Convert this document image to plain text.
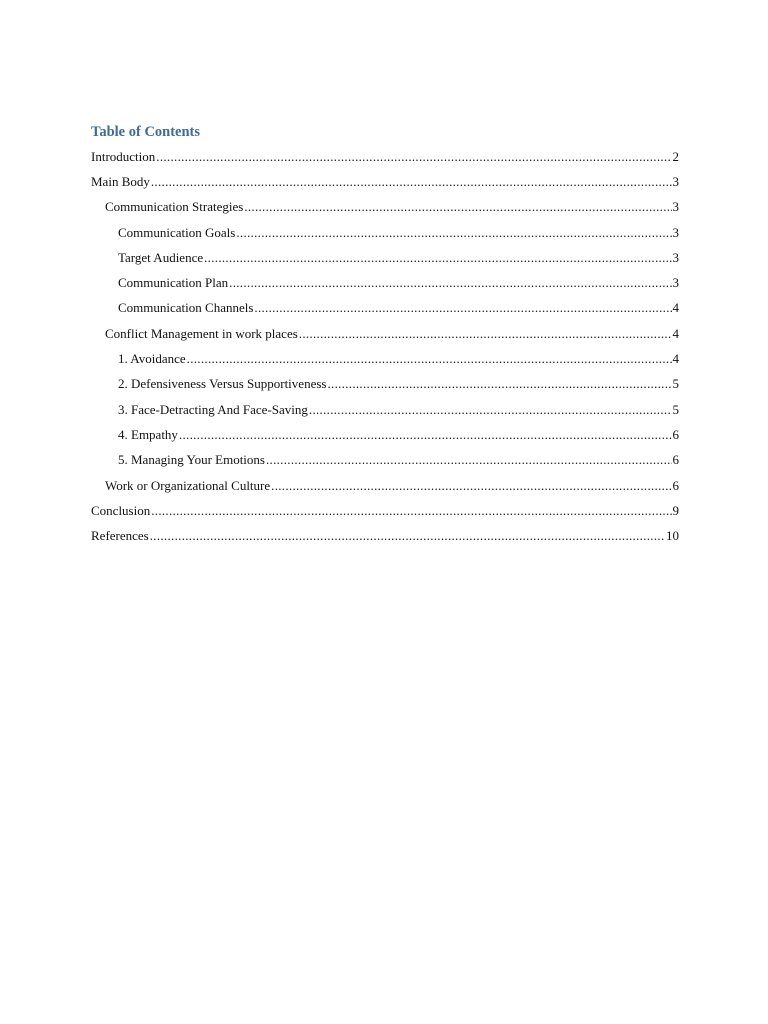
Table of Contents
Introduction .....	2
Main Body .....	3
Communication Strategies .....	3
Communication Goals .....	3
Target Audience .....	3
Communication Plan .....	3
Communication Channels .....	4
Conflict Management in work places .....	4
1. Avoidance .....	4
2. Defensiveness Versus Supportiveness .....	5
3. Face-Detracting And Face-Saving .....	5
4. Empathy .....	6
5. Managing Your Emotions .....	6
Work or Organizational Culture .....	6
Conclusion .....	9
References .....	10
